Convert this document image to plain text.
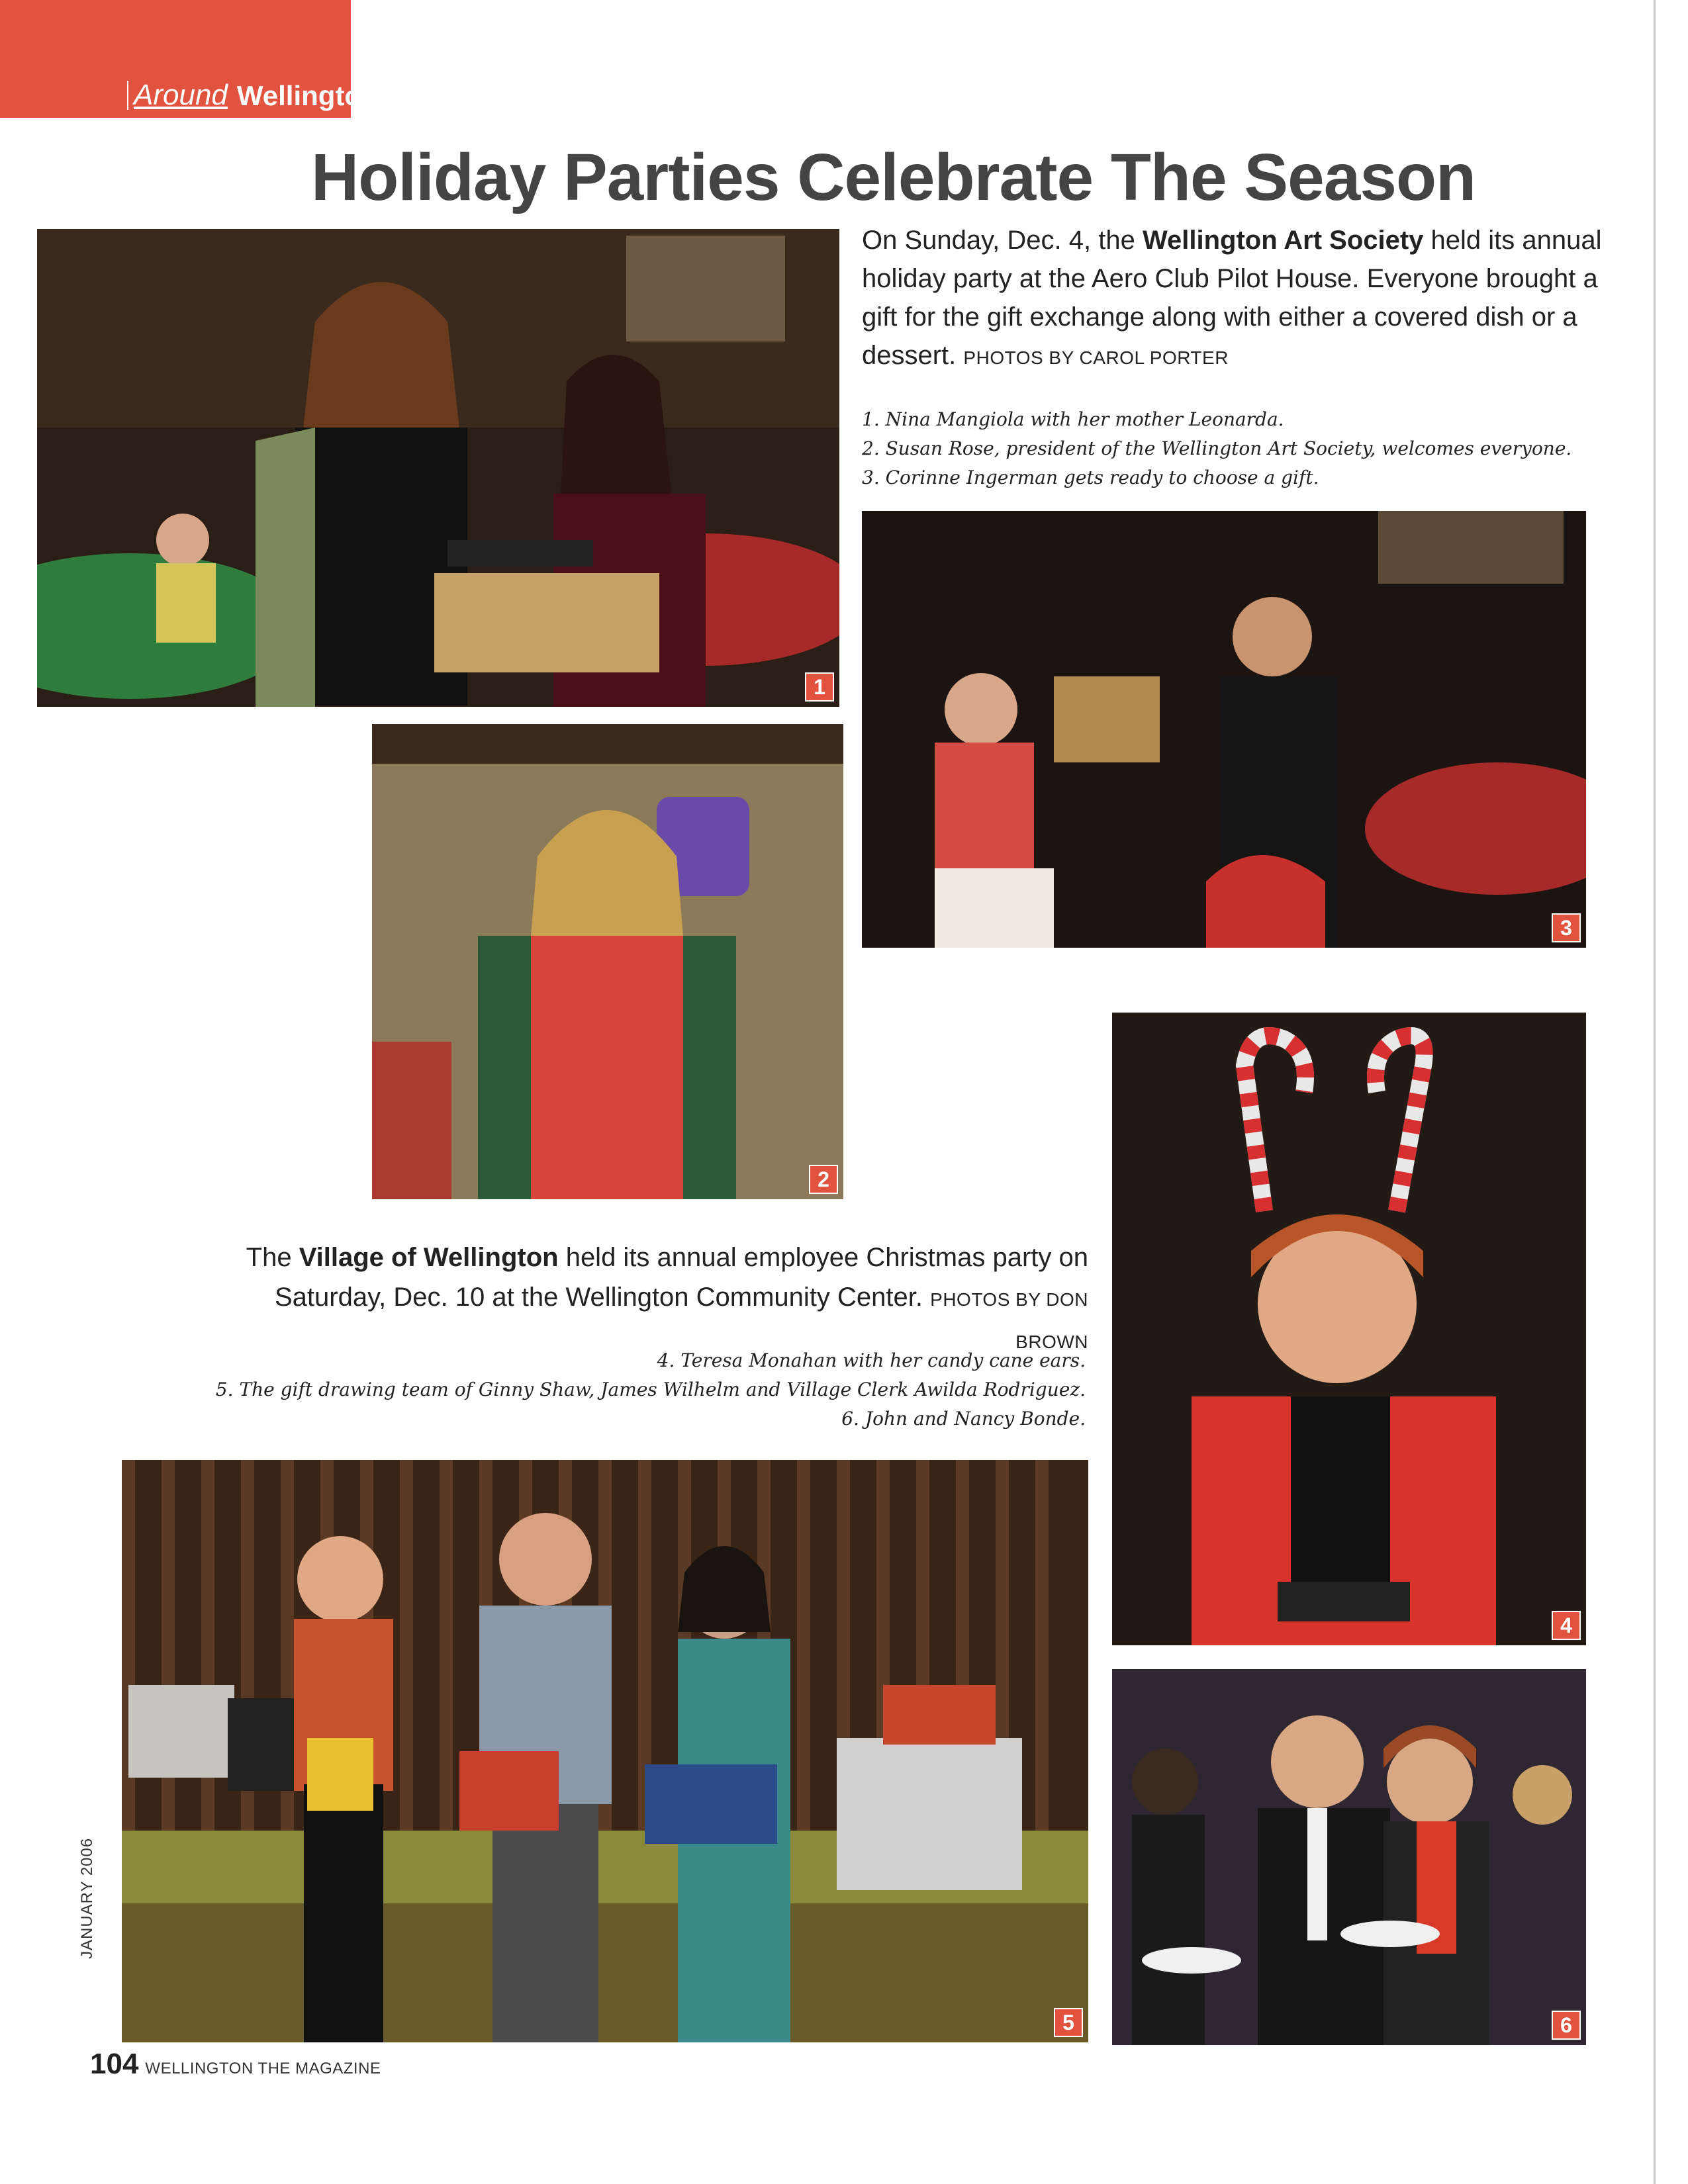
Around Wellington
Holiday Parties Celebrate The Season
On Sunday, Dec. 4, the Wellington Art Society held its annual holiday party at the Aero Club Pilot House. Everyone brought a gift for the gift exchange along with either a covered dish or a dessert. PHOTOS BY CAROL PORTER
1. Nina Mangiola with her mother Leonarda.
2. Susan Rose, president of the Wellington Art Society, welcomes everyone.
3. Corinne Ingerman gets ready to choose a gift.
1
2
3
The Village of Wellington held its annual employee Christmas party on Saturday, Dec. 10 at the Wellington Community Center. PHOTOS BY DON BROWN
4. Teresa Monahan with her candy cane ears.
5. The gift drawing team of Ginny Shaw, James Wilhelm and Village Clerk Awilda Rodriguez.
6. John and Nancy Bonde.
4
5	6
JANUARY 2006
104 WELLINGTON THE MAGAZINE
